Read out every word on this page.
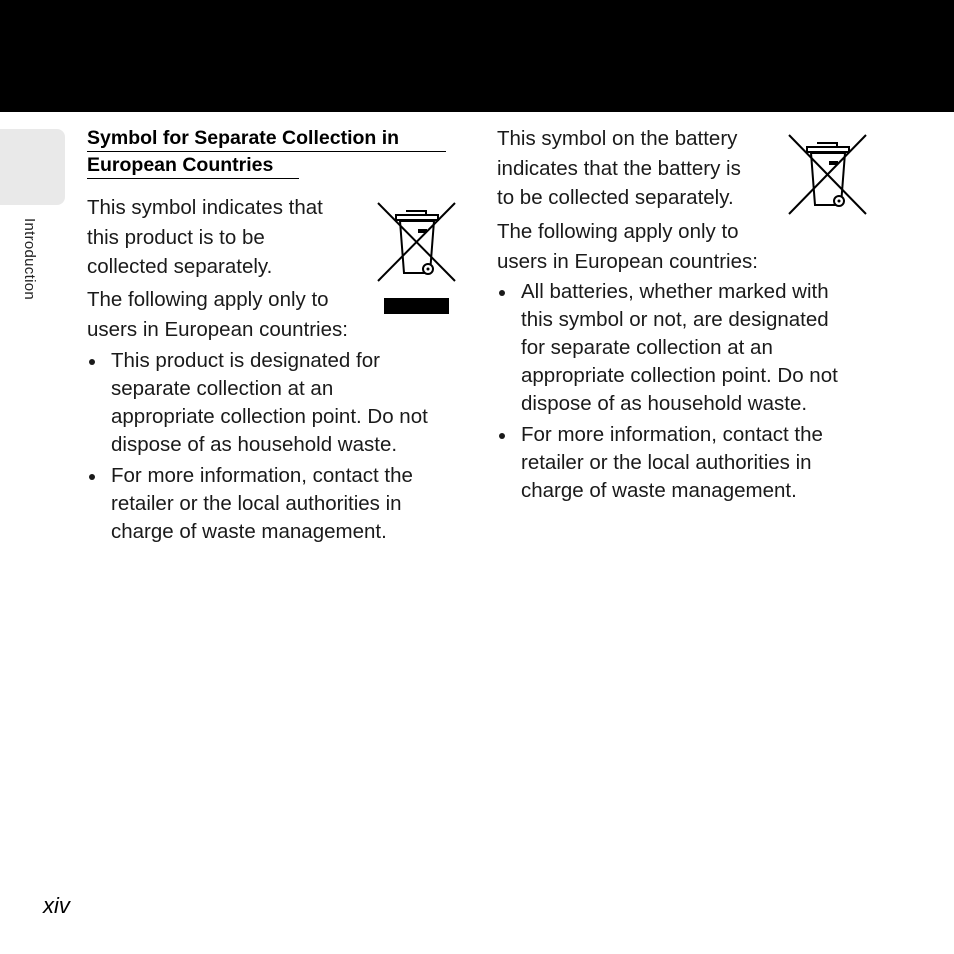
Introduction
Symbol for Separate Collection in
European Countries
This symbol indicates that
this product is to be
collected separately.
The following apply only to
users in European countries:
This product is designated for
separate collection at an
appropriate collection point. Do not
dispose of as household waste.
For more information, contact the
retailer or the local authorities in
charge of waste management.
This symbol on the battery
indicates that the battery is
to be collected separately.
The following apply only to
users in European countries:
All batteries, whether marked with
this symbol or not, are designated
for separate collection at an
appropriate collection point. Do not
dispose of as household waste.
For more information, contact the
retailer or the local authorities in
charge of waste management.
xiv
